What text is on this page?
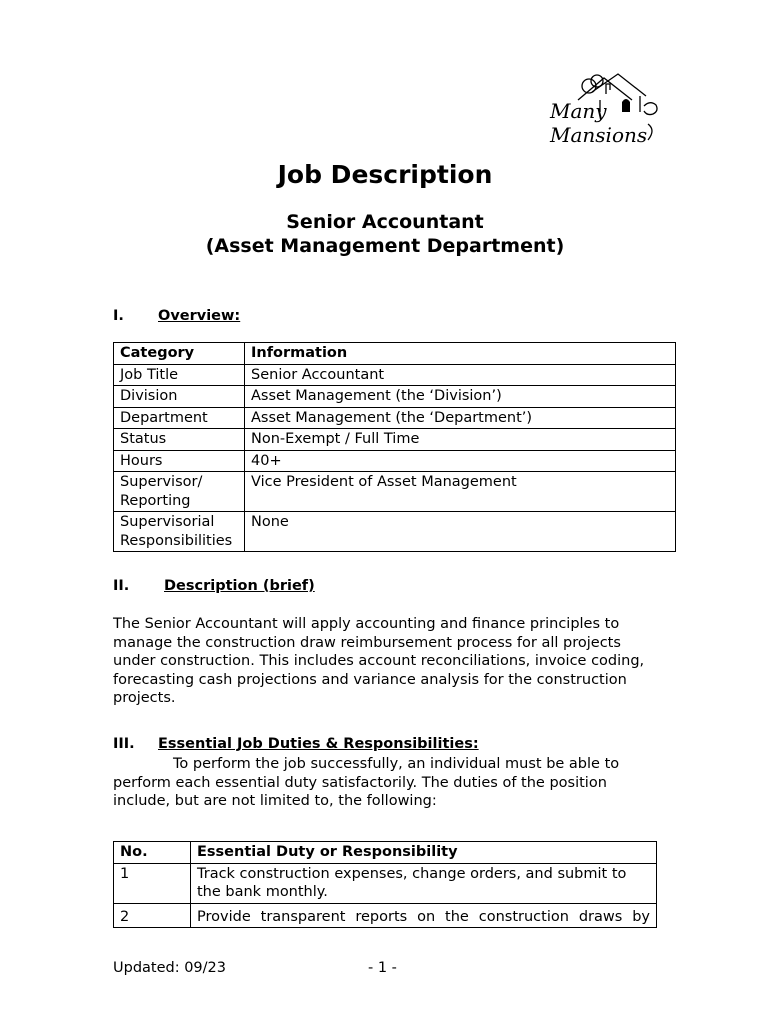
Many
Mansions
Job Description
Senior Accountant
(Asset Management Department)
I. Overview:
Category	Information
Job Title	Senior Accountant
Division	Asset Management (the ‘Division’)
Department	Asset Management (the ‘Department’)
Status	Non-Exempt / Full Time
Hours	40+
Supervisor/ Reporting	Vice President of Asset Management
Supervisorial Responsibilities	None
II. Description (brief)

The Senior Accountant will apply accounting and finance principles to manage the construction draw reimbursement process for all projects under construction. This includes account reconciliations, invoice coding, forecasting cash projections and variance analysis for the construction projects.

III. Essential Job Duties & Responsibilities:

To perform the job successfully, an individual must be able to perform each essential duty satisfactorily. The duties of the position include, but are not limited to, the following:

No.	Essential Duty or Responsibility
1	Track construction expenses, change orders, and submit to the bank monthly.
2	Provide transparent reports on the construction draws by
Updated: 09/23	- 1 -
